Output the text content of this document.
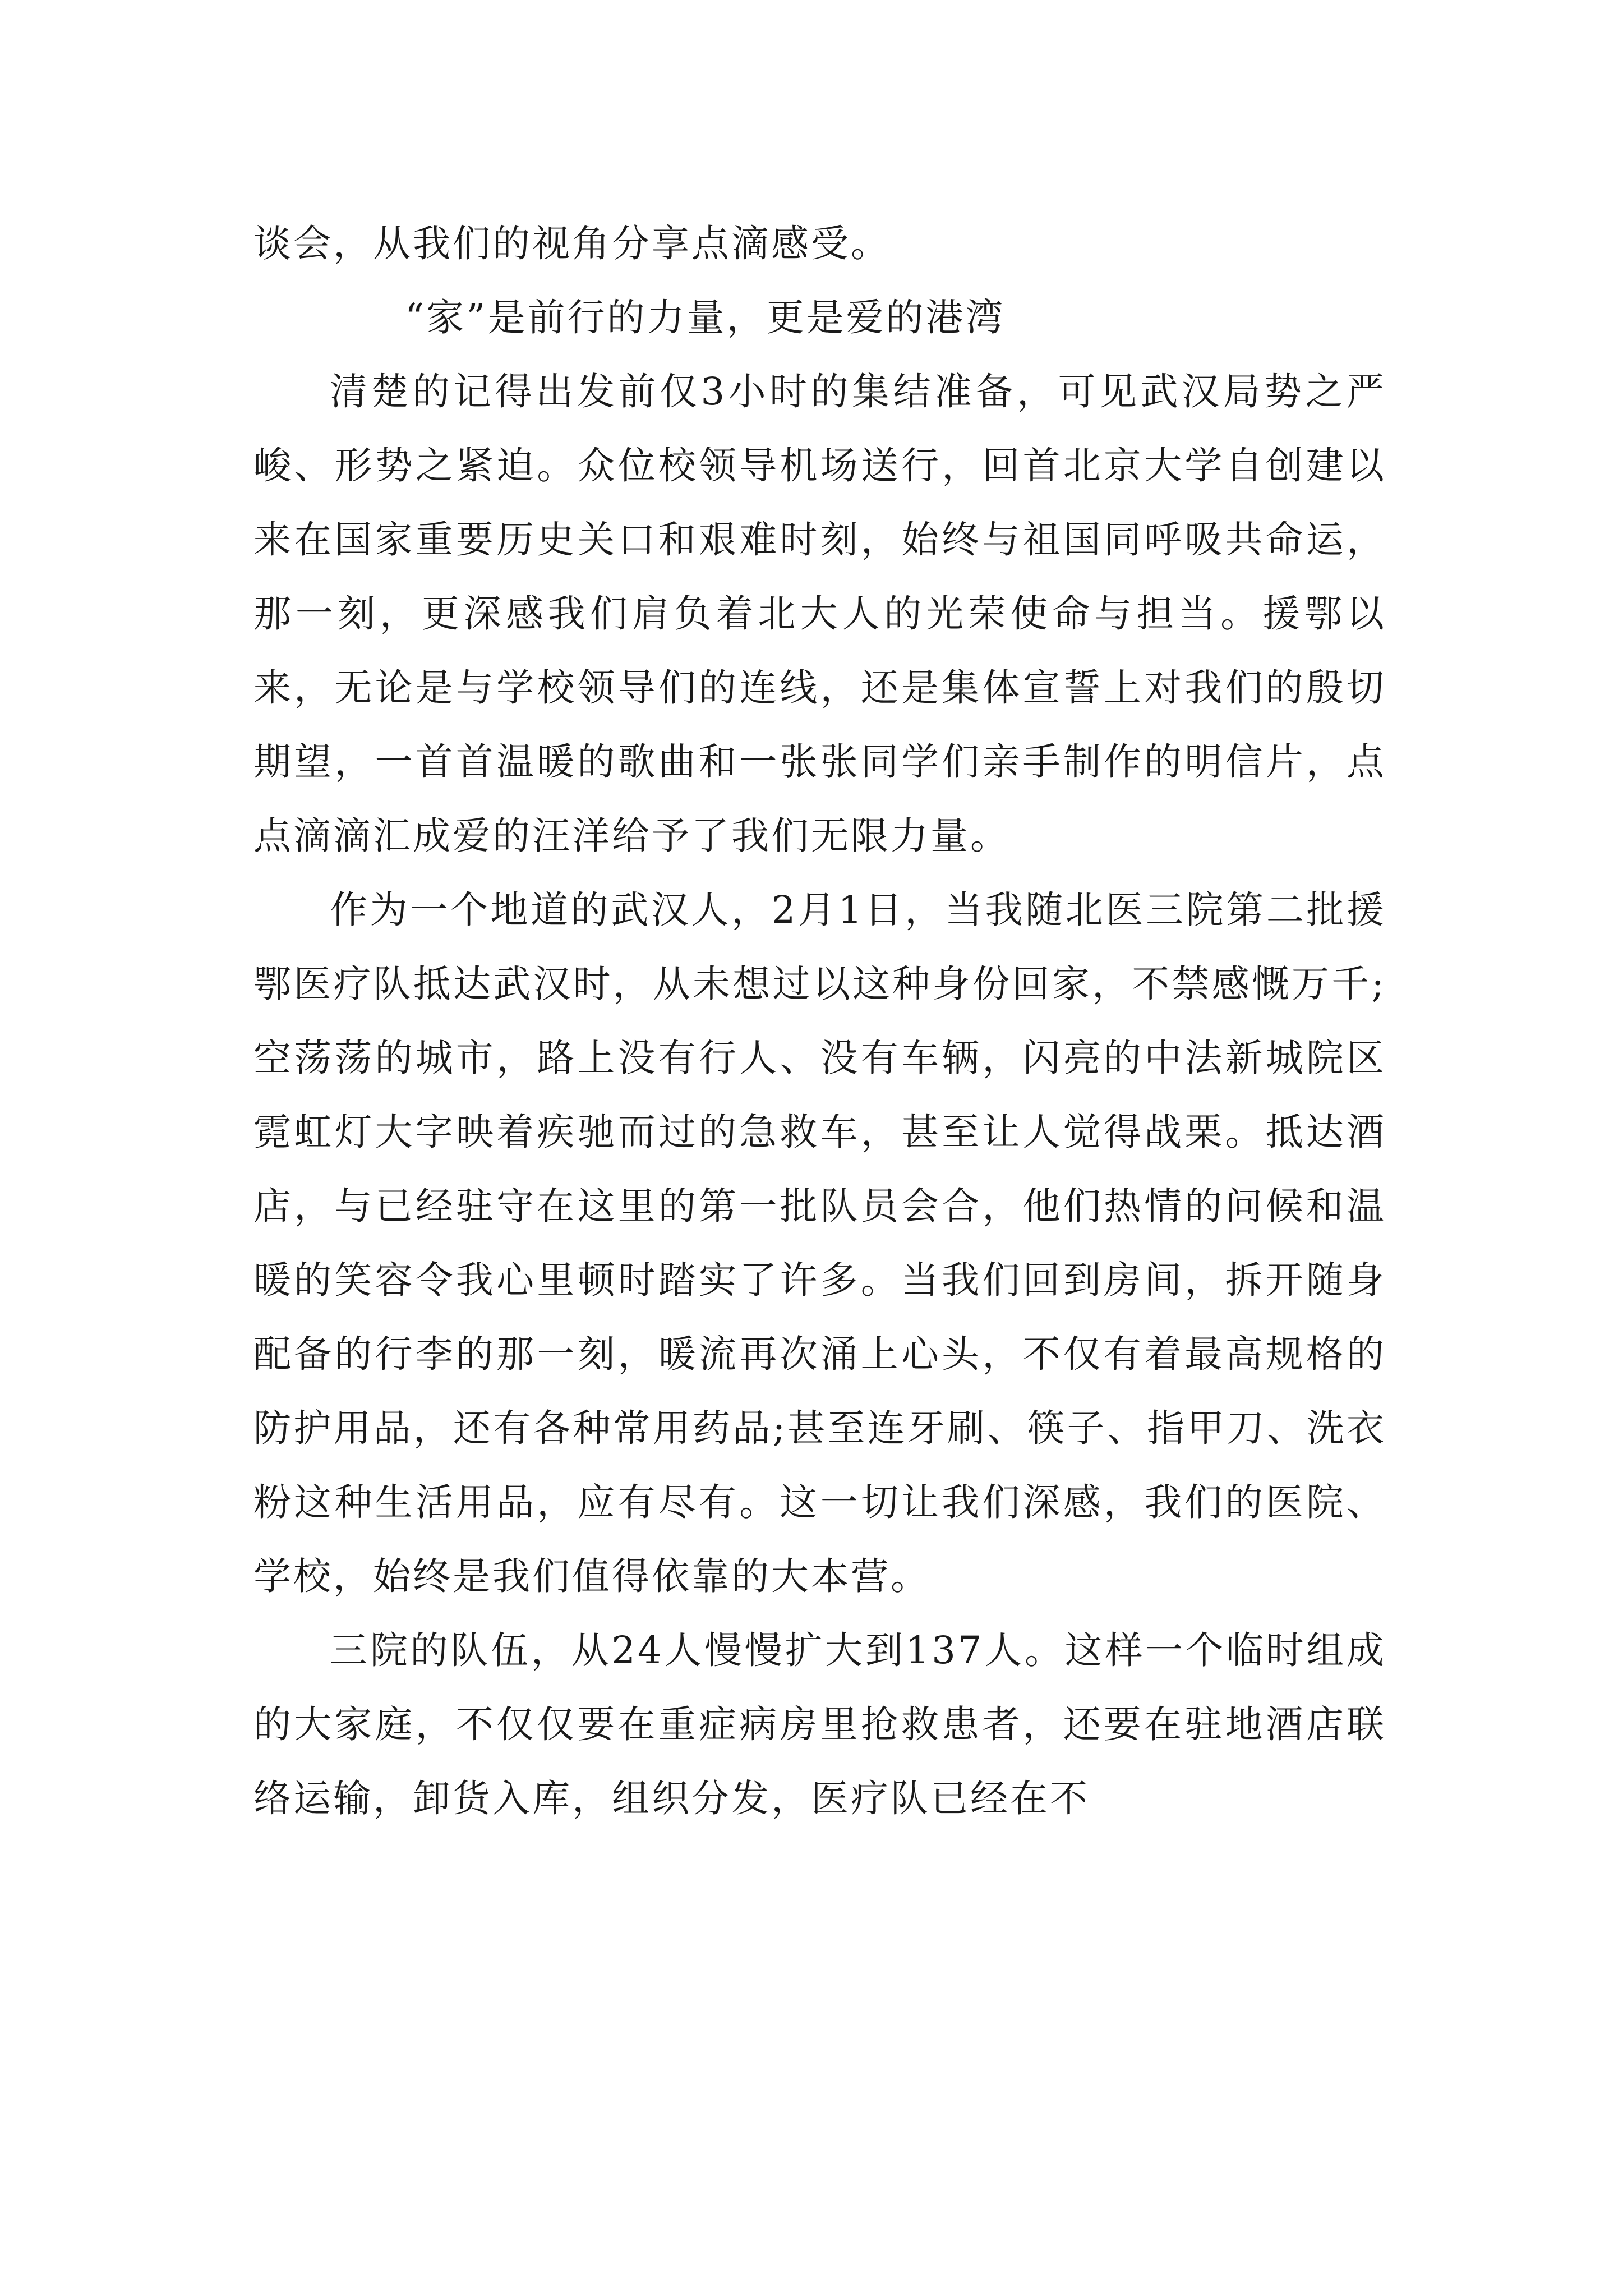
谈会，从我们的视角分享点滴感受。

“家”是前行的力量，更是爱的港湾

清楚的记得出发前仅3小时的集结准备，可见武汉局势之严峻、形势之紧迫。众位校领导机场送行，回首北京大学自创建以来在国家重要历史关口和艰难时刻，始终与祖国同呼吸共命运，那一刻，更深感我们肩负着北大人的光荣使命与担当。援鄂以来，无论是与学校领导们的连线，还是集体宣誓上对我们的殷切期望，一首首温暖的歌曲和一张张同学们亲手制作的明信片，点点滴滴汇成爱的汪洋给予了我们无限力量。

作为一个地道的武汉人，2月1日，当我随北医三院第二批援鄂医疗队抵达武汉时，从未想过以这种身份回家，不禁感慨万千;空荡荡的城市，路上没有行人、没有车辆，闪亮的中法新城院区霓虹灯大字映着疾驰而过的急救车，甚至让人觉得战栗。抵达酒店，与已经驻守在这里的第一批队员会合，他们热情的问候和温暖的笑容令我心里顿时踏实了许多。当我们回到房间，拆开随身配备的行李的那一刻，暖流再次涌上心头，不仅有着最高规格的防护用品，还有各种常用药品;甚至连牙刷、筷子、指甲刀、洗衣粉这种生活用品，应有尽有。这一切让我们深感，我们的医院、学校，始终是我们值得依靠的大本营。

三院的队伍，从24人慢慢扩大到137人。这样一个临时组成的大家庭，不仅仅要在重症病房里抢救患者，还要在驻地酒店联络运输，卸货入库，组织分发，医疗队已经在不
